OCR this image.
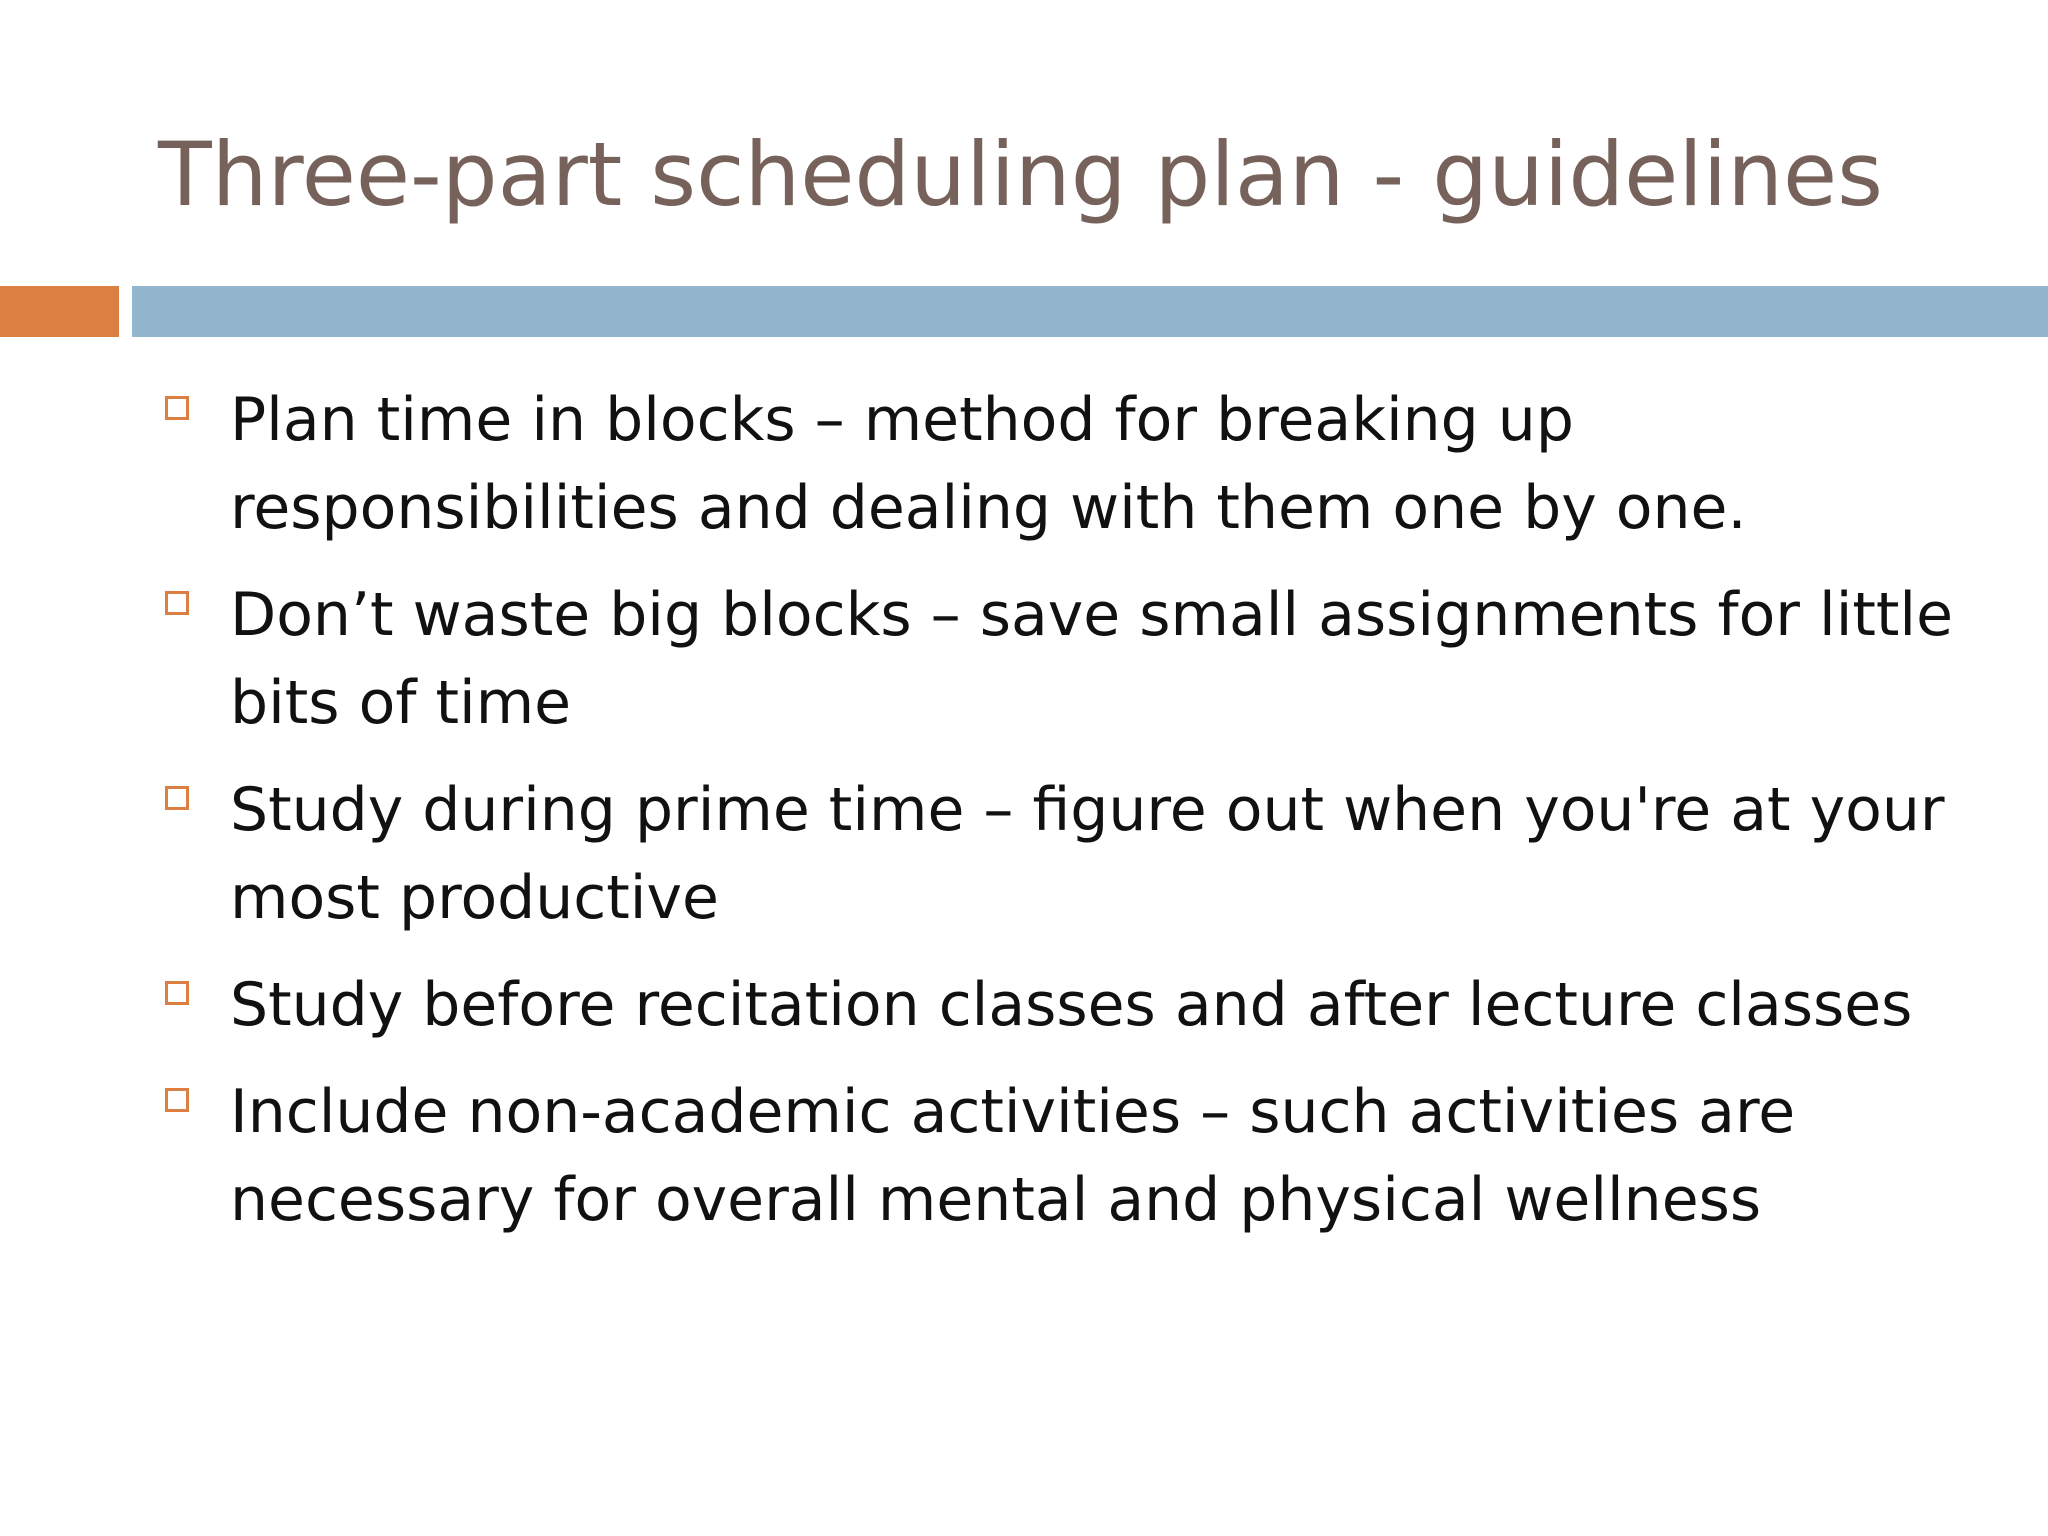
Three-part scheduling plan - guidelines
Plan time in blocks – method for breaking up responsibilities and dealing with them one by one.
Don’t waste big blocks – save small assignments for little bits of time
Study during prime time – figure out when you're at your most productive
Study before recitation classes and after lecture classes
Include non-academic activities – such activities are necessary for overall mental and physical wellness
